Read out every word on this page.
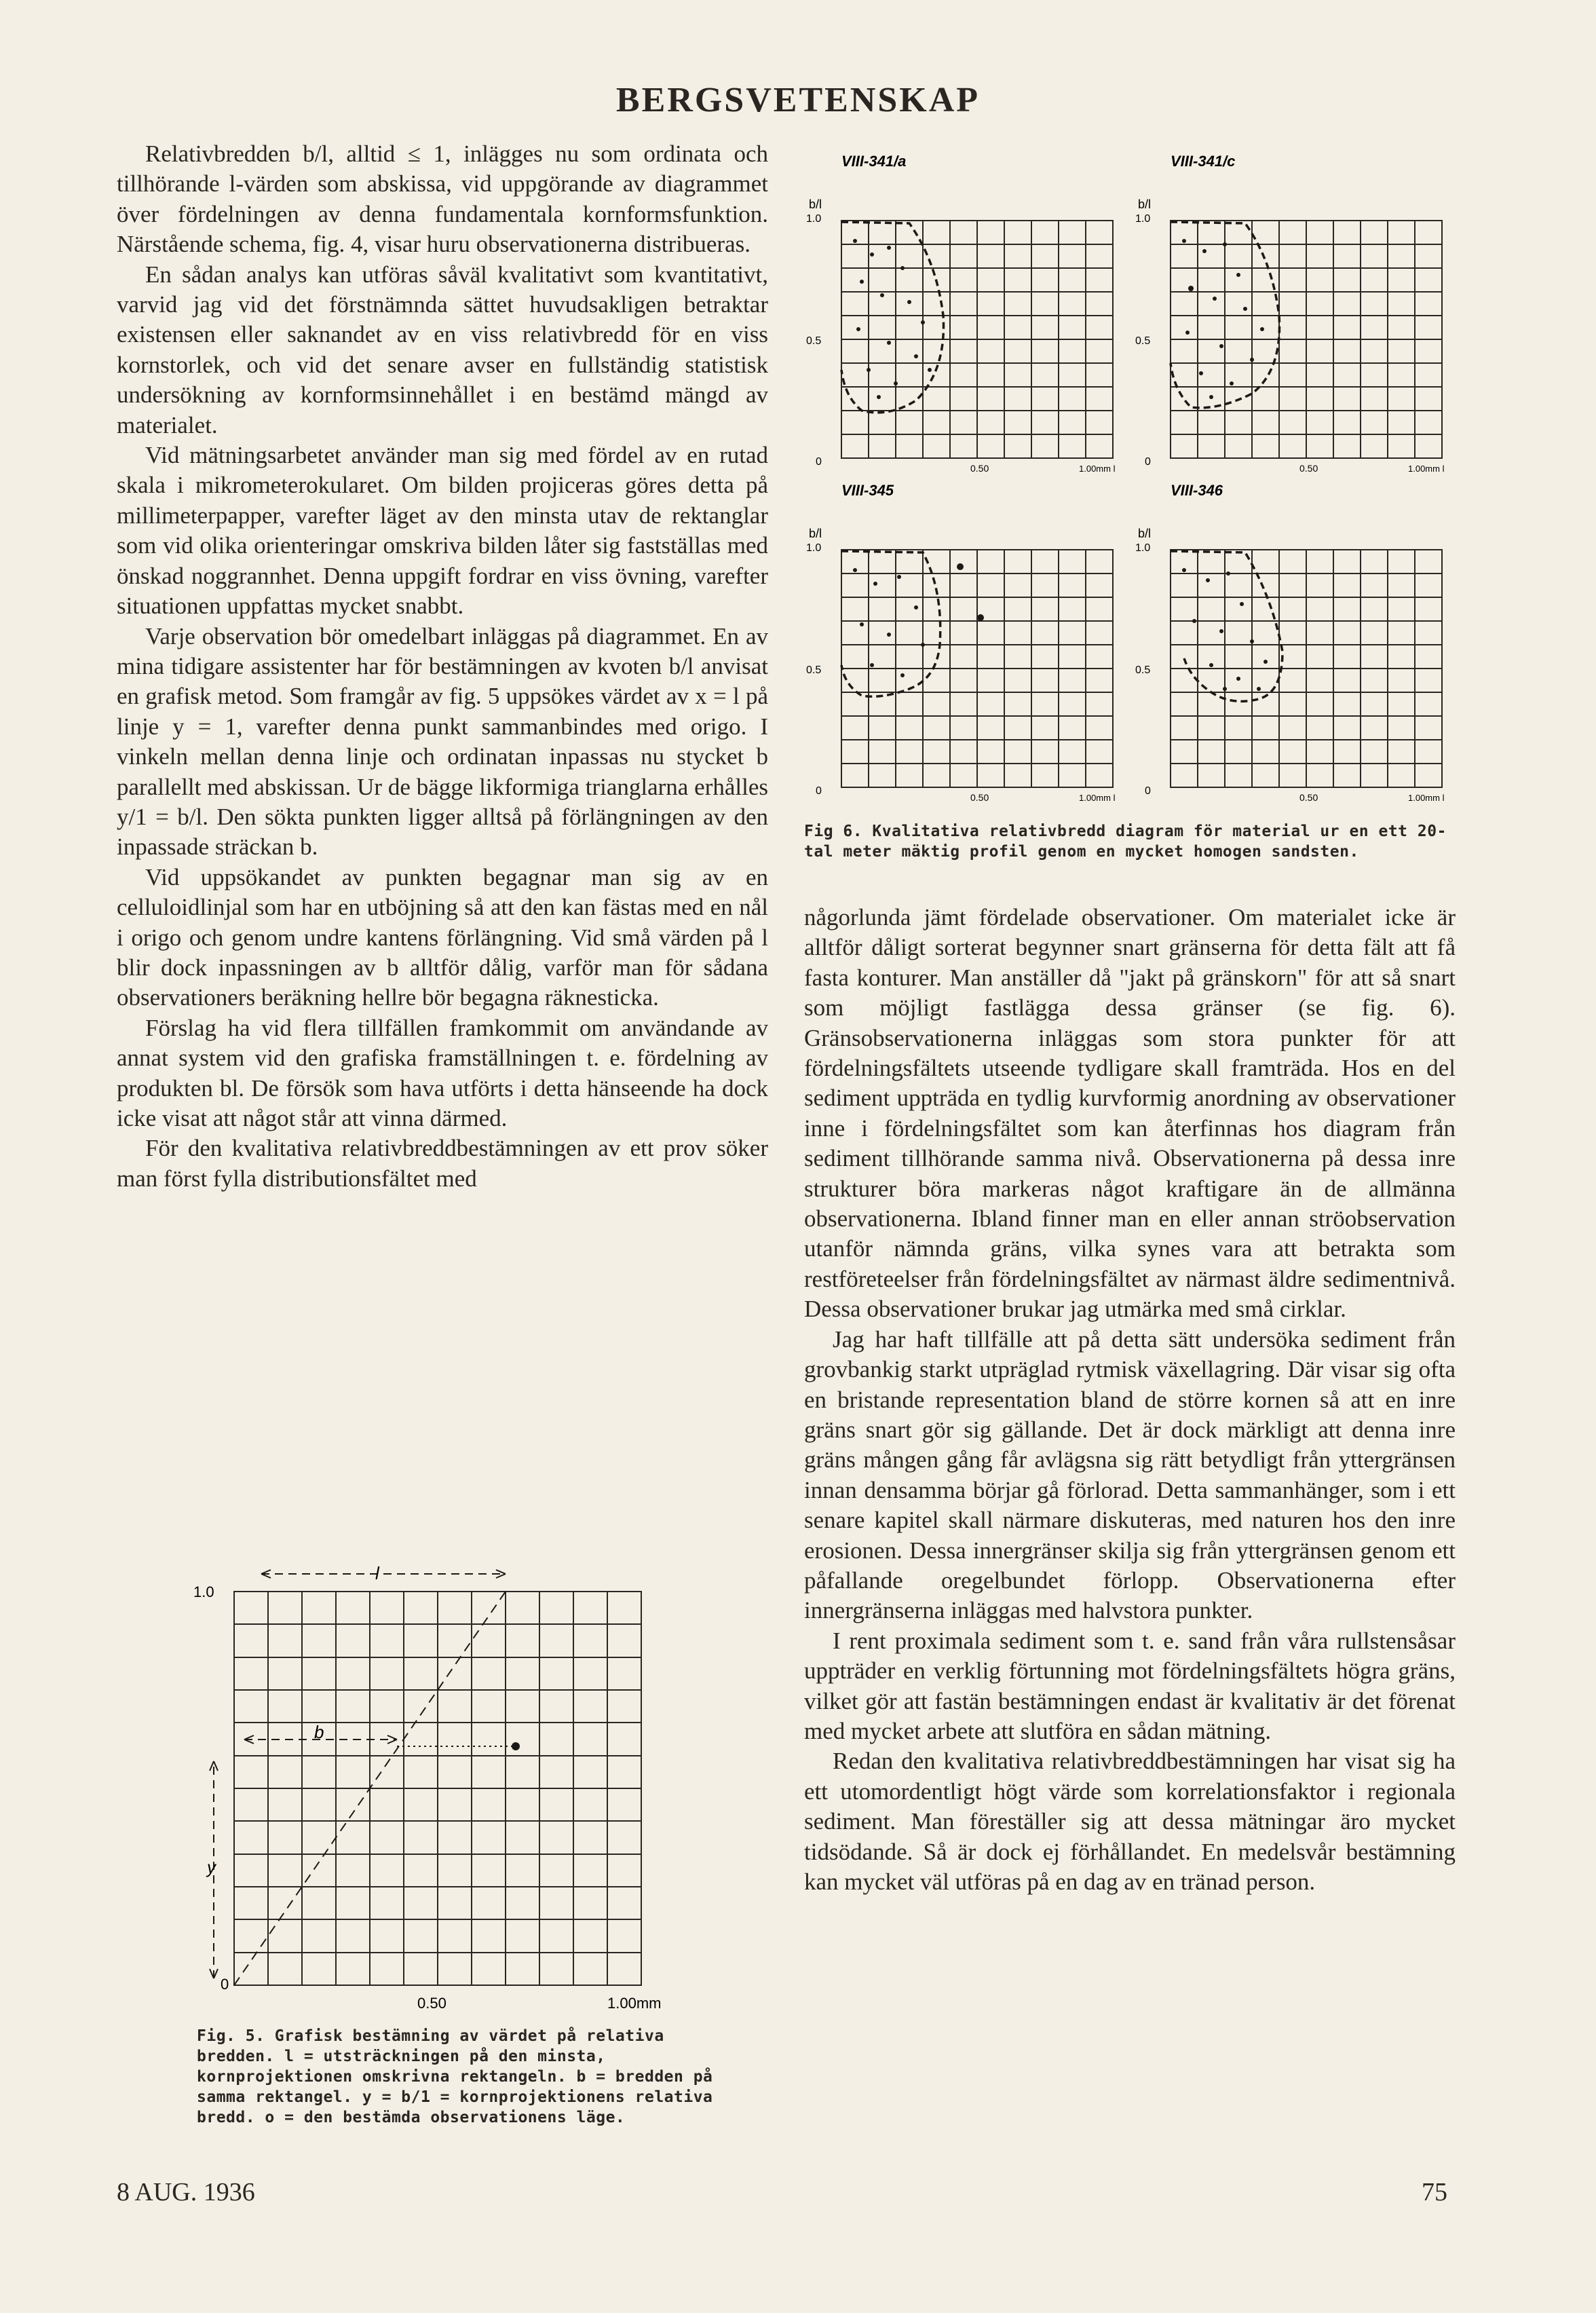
BERGSVETENSKAP

Relativbredden b/l, alltid ≤ 1, inlägges nu som ordinata och tillhörande l-värden som abskissa, vid uppgörande av diagrammet över fördelningen av denna fundamentala kornformsfunktion. Närstående schema, fig. 4, visar huru observationerna distribueras.

En sådan analys kan utföras såväl kvalitativt som kvantitativt, varvid jag vid det förstnämnda sättet huvudsakligen betraktar existensen eller saknandet av en viss relativbredd för en viss kornstorlek, och vid det senare avser en fullständig statistisk undersökning av kornformsinnehållet i en bestämd mängd av materialet.

Vid mätningsarbetet använder man sig med fördel av en rutad skala i mikrometerokularet. Om bilden projiceras göres detta på millimeterpapper, varefter läget av den minsta utav de rektanglar som vid olika orienteringar omskriva bilden låter sig fastställas med önskad noggrannhet. Denna uppgift fordrar en viss övning, varefter situationen uppfattas mycket snabbt.

Varje observation bör omedelbart inläggas på diagrammet. En av mina tidigare assistenter har för bestämningen av kvoten b/l anvisat en grafisk metod. Som framgår av fig. 5 uppsökes värdet av x = l på linje y = 1, varefter denna punkt sammanbindes med origo. I vinkeln mellan denna linje och ordinatan inpassas nu stycket b parallellt med abskissan. Ur de bägge likformiga trianglarna erhålles y/1 = b/l. Den sökta punkten ligger alltså på förlängningen av den inpassade sträckan b.

Vid uppsökandet av punkten begagnar man sig av en celluloidlinjal som har en utböjning så att den kan fästas med en nål i origo och genom undre kantens förlängning. Vid små värden på l blir dock inpassningen av b alltför dålig, varför man för sådana observationers beräkning hellre bör begagna räknesticka.

Förslag ha vid flera tillfällen framkommit om användande av annat system vid den grafiska framställningen t. e. fördelning av produkten bl. De försök som hava utförts i detta hänseende ha dock icke visat att något står att vinna därmed.

För den kvalitativa relativbreddbestämningen av ett prov söker man först fylla distributionsfältet med

VIII-341/a
b/l
1.0
0.5
0
0.50	1.00mm l
VIII-341/c
b/l
1.0
0.5
0
0.50	1.00mm l
VIII-345
b/l
1.0
0.5
0
0.50	1.00mm l
VIII-346
b/l
1.0
0.5
0
0.50	1.00mm l
Fig 6. Kvalitativa relativbredd diagram för material ur en ett 20-tal meter mäktig profil genom en mycket homogen sandsten.
l
b
y
1.0
0
0.50	1.00mm
Fig. 5. Grafisk bestämning av värdet på relativa bredden. l = utsträckningen på den minsta, kornprojektionen omskrivna rektangeln. b = bredden på samma rektangel. y = b/1 = kornprojektionens relativa bredd. o = den bestämda observationens läge.

någorlunda jämt fördelade observationer. Om materialet icke är alltför dåligt sorterat begynner snart gränserna för detta fält att få fasta konturer. Man anställer då "jakt på gränskorn" för att så snart som möjligt fastlägga dessa gränser (se fig. 6). Gränsobservationerna inläggas som stora punkter för att fördelningsfältets utseende tydligare skall framträda. Hos en del sediment uppträda en tydlig kurvformig anordning av observationer inne i fördelningsfältet som kan återfinnas hos diagram från sediment tillhörande samma nivå. Observationerna på dessa inre strukturer böra markeras något kraftigare än de allmänna observationerna. Ibland finner man en eller annan ströobservation utanför nämnda gräns, vilka synes vara att betrakta som restföreteelser från fördelningsfältet av närmast äldre sedimentnivå. Dessa observationer brukar jag utmärka med små cirklar.

Jag har haft tillfälle att på detta sätt undersöka sediment från grovbankig starkt utpräglad rytmisk växellagring. Där visar sig ofta en bristande representation bland de större kornen så att en inre gräns snart gör sig gällande. Det är dock märkligt att denna inre gräns mången gång får avlägsna sig rätt betydligt från yttergränsen innan densamma börjar gå förlorad. Detta sammanhänger, som i ett senare kapitel skall närmare diskuteras, med naturen hos den inre erosionen. Dessa innergränser skilja sig från yttergränsen genom ett påfallande oregelbundet förlopp. Observationerna efter innergränserna inläggas med halvstora punkter.

I rent proximala sediment som t. e. sand från våra rullstensåsar uppträder en verklig förtunning mot fördelningsfältets högra gräns, vilket gör att fastän bestämningen endast är kvalitativ är det förenat med mycket arbete att slutföra en sådan mätning.

Redan den kvalitativa relativbreddbestämningen har visat sig ha ett utomordentligt högt värde som korrelationsfaktor i regionala sediment. Man föreställer sig att dessa mätningar äro mycket tidsödande. Så är dock ej förhållandet. En medelsvår bestämning kan mycket väl utföras på en dag av en tränad person.

8 AUG. 1936	75
